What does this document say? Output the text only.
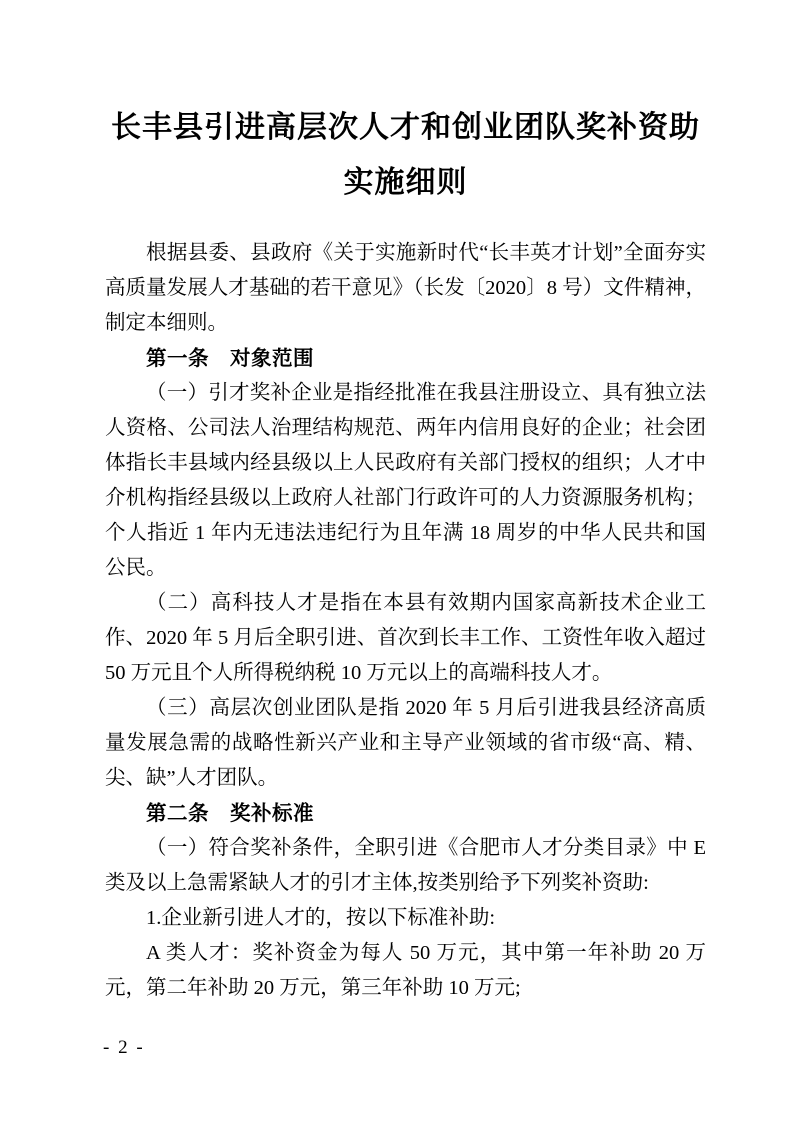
长丰县引进高层次人才和创业团队奖补资助
实施细则

根据县委、县政府《关于实施新时代“长丰英才计划”全面夯实高质量发展人才基础的若干意见》（长发〔2020〕8 号）文件精神，制定本细则。

第一条　对象范围

（一）引才奖补企业是指经批准在我县注册设立、具有独立法人资格、公司法人治理结构规范、两年内信用良好的企业；社会团体指长丰县域内经县级以上人民政府有关部门授权的组织；人才中介机构指经县级以上政府人社部门行政许可的人力资源服务机构；个人指近 1 年内无违法违纪行为且年满 18 周岁的中华人民共和国公民。

（二）高科技人才是指在本县有效期内国家高新技术企业工作、2020 年 5 月后全职引进、首次到长丰工作、工资性年收入超过 50 万元且个人所得税纳税 10 万元以上的高端科技人才。

（三）高层次创业团队是指 2020 年 5 月后引进我县经济高质量发展急需的战略性新兴产业和主导产业领域的省市级“高、精、尖、缺”人才团队。

第二条　奖补标准

（一）符合奖补条件，全职引进《合肥市人才分类目录》中 E 类及以上急需紧缺人才的引才主体,按类别给予下列奖补资助:

1.企业新引进人才的，按以下标准补助:

A 类人才：奖补资金为每人 50 万元，其中第一年补助 20 万元，第二年补助 20 万元，第三年补助 10 万元;

- 2 -
